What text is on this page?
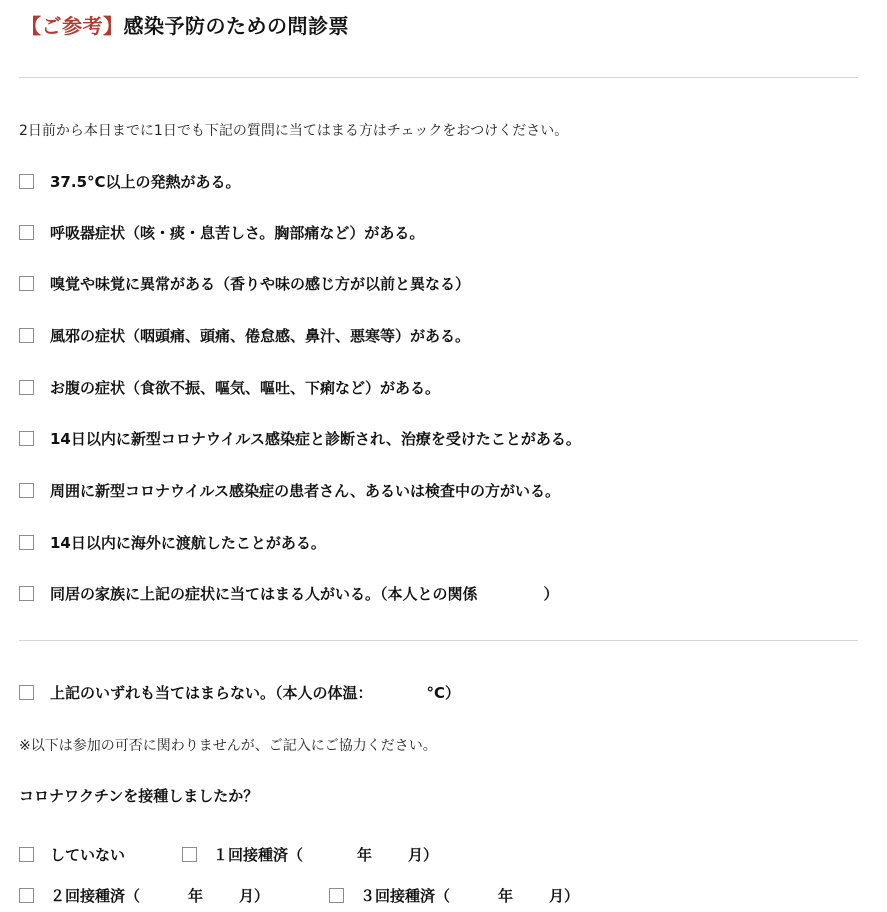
【ご参考】感染予防のための問診票
2日前から本日までに1日でも下記の質問に当てはまる方はチェックをおつけください。
37.5°C以上の発熱がある。
呼吸器症状（咳・痰・息苦しさ。胸部痛など）がある。
嗅覚や味覚に異常がある（香りや味の感じ方が以前と異なる）
風邪の症状（咽頭痛、頭痛、倦怠感、鼻汁、悪寒等）がある。
お腹の症状（食欲不振、嘔気、嘔吐、下痢など）がある。
14日以内に新型コロナウイルス感染症と診断され、治療を受けたことがある。
周囲に新型コロナウイルス感染症の患者さん、あるいは検査中の方がいる。
14日以内に海外に渡航したことがある。
同居の家族に上記の症状に当てはまる人がいる。（本人との関係	）
上記のいずれも当てはまらない。（本人の体温：	°C）
※以下は参加の可否に関わりませんが、ご記入にご協力ください。
コロナワクチンを接種しましたか？
していない	１回接種済（	年 月）
２回接種済（	年 月）	３回接種済（	年 月）
